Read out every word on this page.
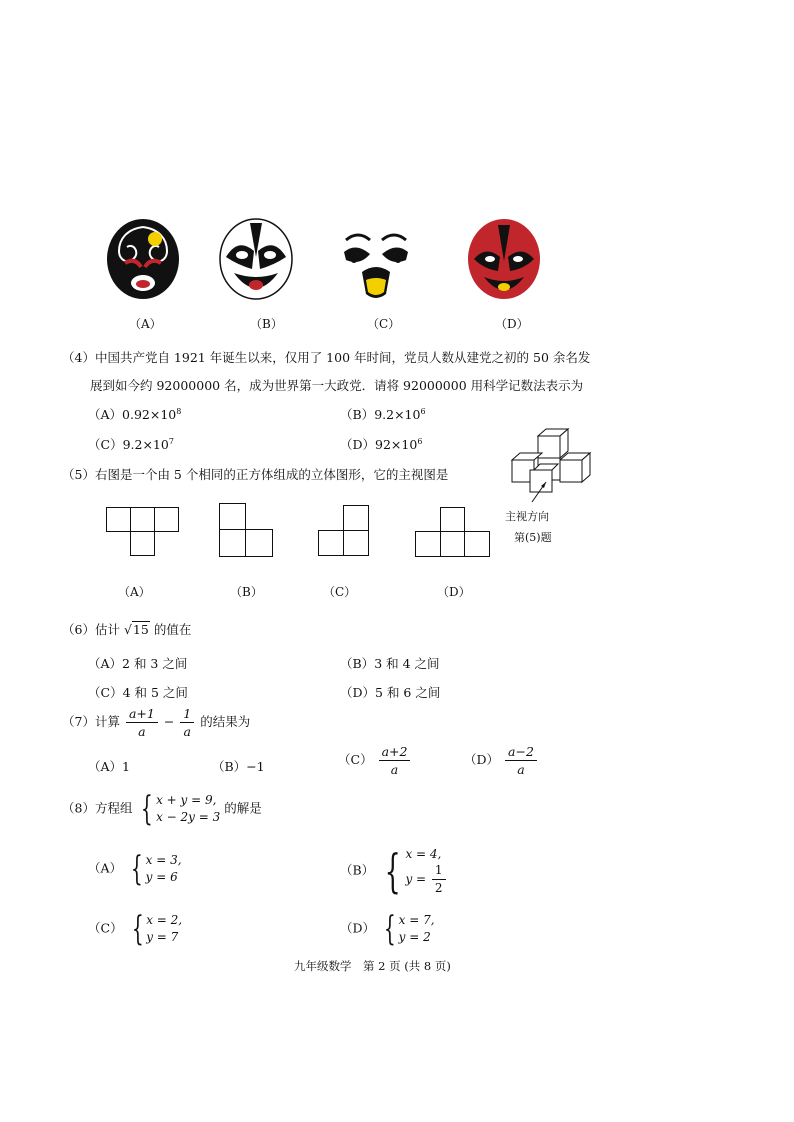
（A）	（B）	（C）	（D）
（4）中国共产党自 1921 年诞生以来，仅用了 100 年时间，党员人数从建党之初的 50 余名发
展到如今约 92000000 名，成为世界第一大政党．请将 92000000 用科学记数法表示为
$(A)0.92\times 10^8$	$(B)9.2\times 10^6$
$(C)9.2\times 10^7$	$(D)92\times 10^6$
（5）右图是一个由 5 个相同的正方体组成的立体图形，它的主视图是
主视方向
第(5)题
（A）	（B）	（C）	（D）
（6）估计 √15 的值在
（A）2 和 3 之间	（B）3 和 4 之间
（C）4 和 5 之间	（D）5 和 6 之间
（7）计算 $\frac{a+1}{a} - \frac{1}{a}$ 的结果为
（A）1	（B）−1	$(C) \frac{a+2}{a}$	$(D) \frac{a-2}{a}$
（8）方程组 { x + y = 9,
x − 2y = 3
的解是
（A） { x = 3,
y = 6	（B） { x = 4,
$y = \frac{1}{2}$
（C） { x = 2,
y = 7
（D） { x = 7,
y = 2
九年级数学　第 2 页 (共 8 页)
